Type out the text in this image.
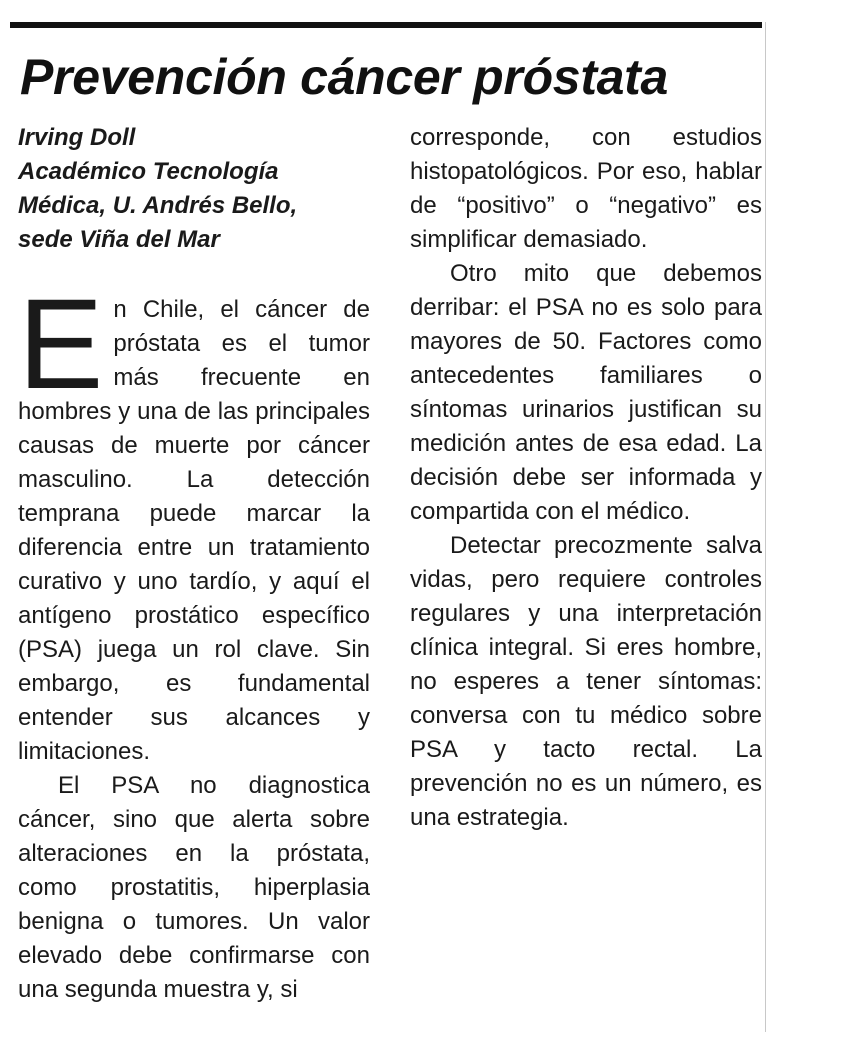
Prevención cáncer próstata
Irving Doll
Académico Tecnología
Médica, U. Andrés Bello,
sede Viña del Mar

En Chile, el cáncer de próstata es el tumor más frecuente en hombres y una de las principales causas de muerte por cáncer masculino. La detección temprana puede marcar la diferencia entre un tratamiento curativo y uno tardío, y aquí el antígeno prostático específico (PSA) juega un rol clave. Sin embargo, es fundamental entender sus alcances y limitaciones.

El PSA no diagnostica cáncer, sino que alerta sobre alteraciones en la próstata, como prostatitis, hiperplasia benigna o tumores. Un valor elevado debe confirmarse con una segunda muestra y, si

corresponde, con estudios histopatológicos. Por eso, hablar de “positivo” o “negativo” es simplificar demasiado.

Otro mito que debemos derribar: el PSA no es solo para mayores de 50. Factores como antecedentes familiares o síntomas urinarios justifican su medición antes de esa edad. La decisión debe ser informada y compartida con el médico.

Detectar precozmente salva vidas, pero requiere controles regulares y una interpretación clínica integral. Si eres hombre, no esperes a tener síntomas: conversa con tu médico sobre PSA y tacto rectal. La prevención no es un número, es una estrategia.
